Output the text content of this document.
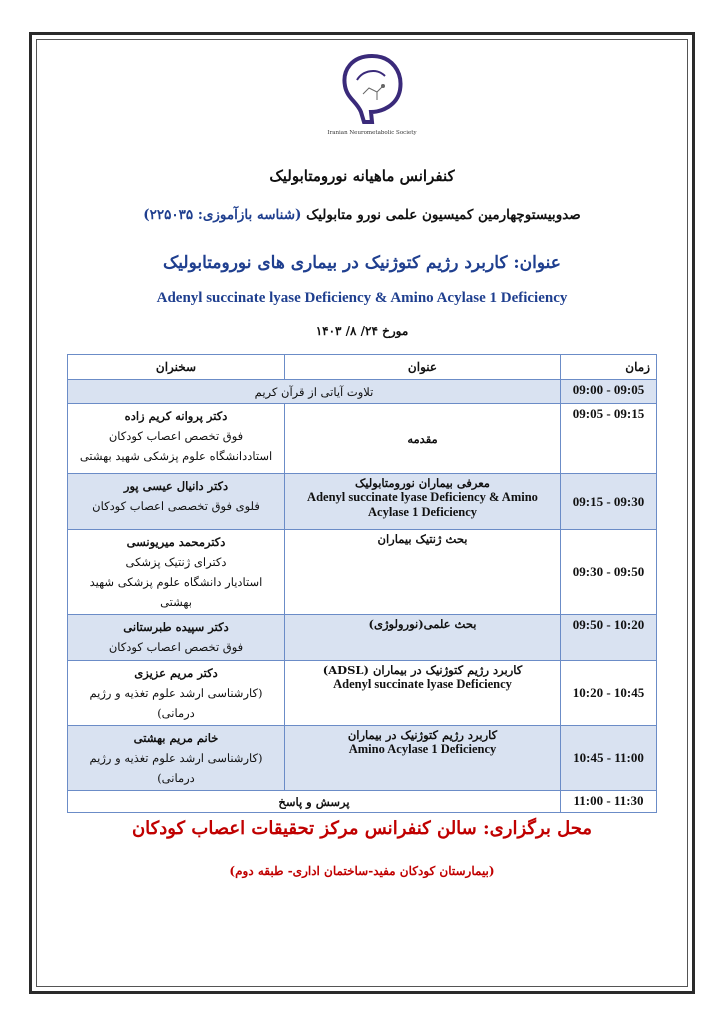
Iranian Neurometabolic Society
کنفرانس ماهیانه نورومتابولیک
صدوبیستوچهارمین کمیسیون علمی نورو متابولیک (شناسه بازآموزی: ۲۲۵۰۳۵)
عنوان: کاربرد رژیم کتوژنیک در بیماری های نورومتابولیک
Adenyl succinate lyase Deficiency & Amino Acylase 1 Deficiency
مورخ ۲۴/ ۸/ ۱۴۰۳
زمان	عنوان	سخنران
09:00 - 09:05	تلاوت آیاتی از قرآن کریم	
09:05 - 09:15	مقدمه	دکتر پروانه کریم زاده
فوق تخصص اعصاب کودکان
استاددانشگاه علوم پزشکی شهید بهشتی

09:15 - 09:30	معرفی بیماران نورومتابولیک
Adenyl succinate lyase Deficiency & Amino Acylase 1 Deficiency	دکتر دانیال عیسی پور
فلوی فوق تخصصی اعصاب کودکان

09:30 - 09:50	بحث ژنتیک بیماران	دکترمحمد میریونسی
دکترای ژنتیک پزشکی
استادیار دانشگاه علوم پزشکی شهید بهشتی

09:50 - 10:20	بحث علمی(نورولوژی)	دکتر سپیده طبرستانی
فوق تخصص اعصاب کودکان

10:20 - 10:45	کاربرد رژیم کتوژنیک در بیماران (ADSL)
Adenyl succinate lyase Deficiency	دکتر مریم عزیزی
(کارشناسی ارشد علوم تغذیه و رژیم درمانی)

10:45 - 11:00	کاربرد رژیم کتوژنیک در بیماران
Amino Acylase 1 Deficiency	خانم مریم بهشتی
(کارشناسی ارشد علوم تغذیه و رژیم درمانی)

11:00 - 11:30	پرسش و پاسخ	
محل برگزاری: سالن کنفرانس مرکز تحقیقات اعصاب کودکان
(بیمارستان کودکان مفید-ساختمان اداری- طبقه دوم)
